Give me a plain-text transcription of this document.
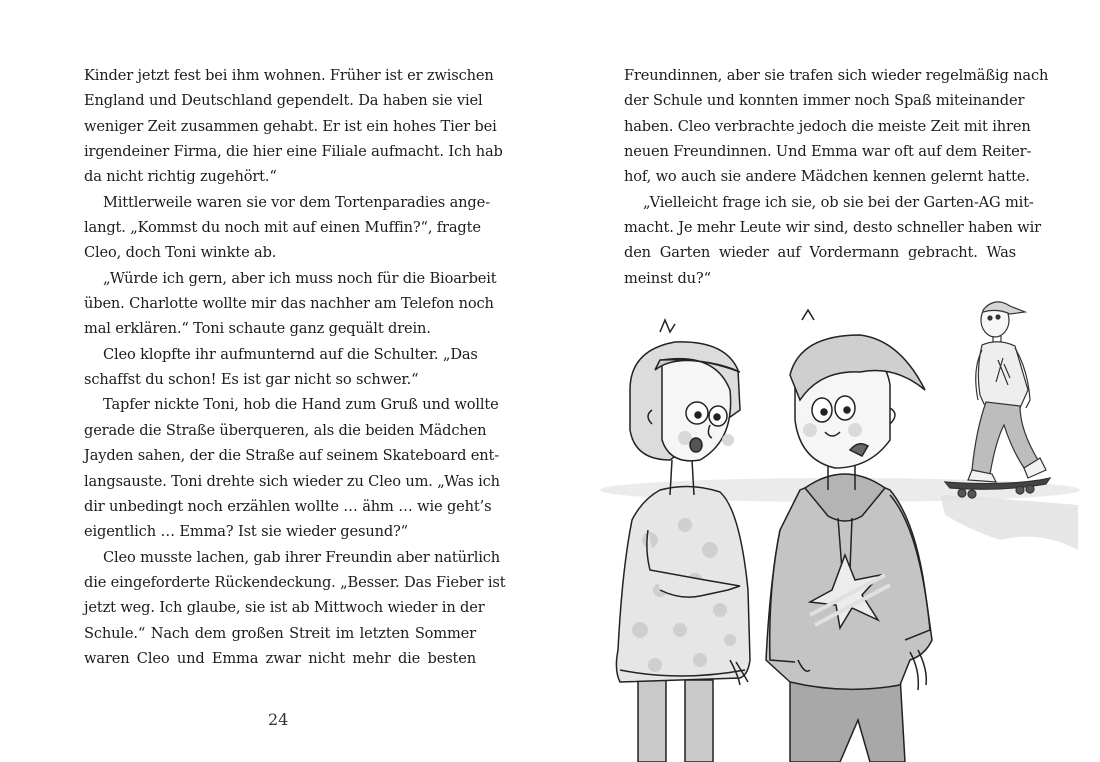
Kinder jetzt fest bei ihm wohnen. Früher ist er zwischen
England und Deutschland gependelt. Da haben sie viel
weniger Zeit zusammen gehabt. Er ist ein hohes Tier bei
irgendeiner Firma, die hier eine Filiale aufmacht. Ich hab
da nicht richtig zugehört.“
Mittlerweile waren sie vor dem Tortenparadies ange-
langt. „Kommst du noch mit auf einen Muffin?“, fragte
Cleo, doch Toni winkte ab.
„Würde ich gern, aber ich muss noch für die Bioarbeit
üben. Charlotte wollte mir das nachher am Telefon noch
mal erklären.“ Toni schaute ganz gequält drein.
Cleo klopfte ihr aufmunternd auf die Schulter. „Das
schaffst du schon! Es ist gar nicht so schwer.“
Tapfer nickte Toni, hob die Hand zum Gruß und wollte
gerade die Straße überqueren, als die beiden Mädchen
Jayden sahen, der die Straße auf seinem Skateboard ent-
langsauste. Toni drehte sich wieder zu Cleo um. „Was ich
dir unbedingt noch erzählen wollte … ähm … wie geht’s
eigentlich … Emma? Ist sie wieder gesund?“
Cleo musste lachen, gab ihrer Freundin aber natürlich
die eingeforderte Rückendeckung. „Besser. Das Fieber ist
jetzt weg. Ich glaube, sie ist ab Mittwoch wieder in der
Schule.“ Nach dem großen Streit im letzten Sommer
waren Cleo und Emma zwar nicht mehr die besten
24
Freundinnen, aber sie trafen sich wieder regelmäßig nach
der Schule und konnten immer noch Spaß miteinander
haben. Cleo verbrachte jedoch die meiste Zeit mit ihren
neuen Freundinnen. Und Emma war oft auf dem Reiter-
hof, wo auch sie andere Mädchen kennen gelernt hatte.
„Vielleicht frage ich sie, ob sie bei der Garten-AG mit-
macht. Je mehr Leute wir sind, desto schneller haben wir
den Garten wieder auf Vordermann gebracht. Was
meinst du?“
